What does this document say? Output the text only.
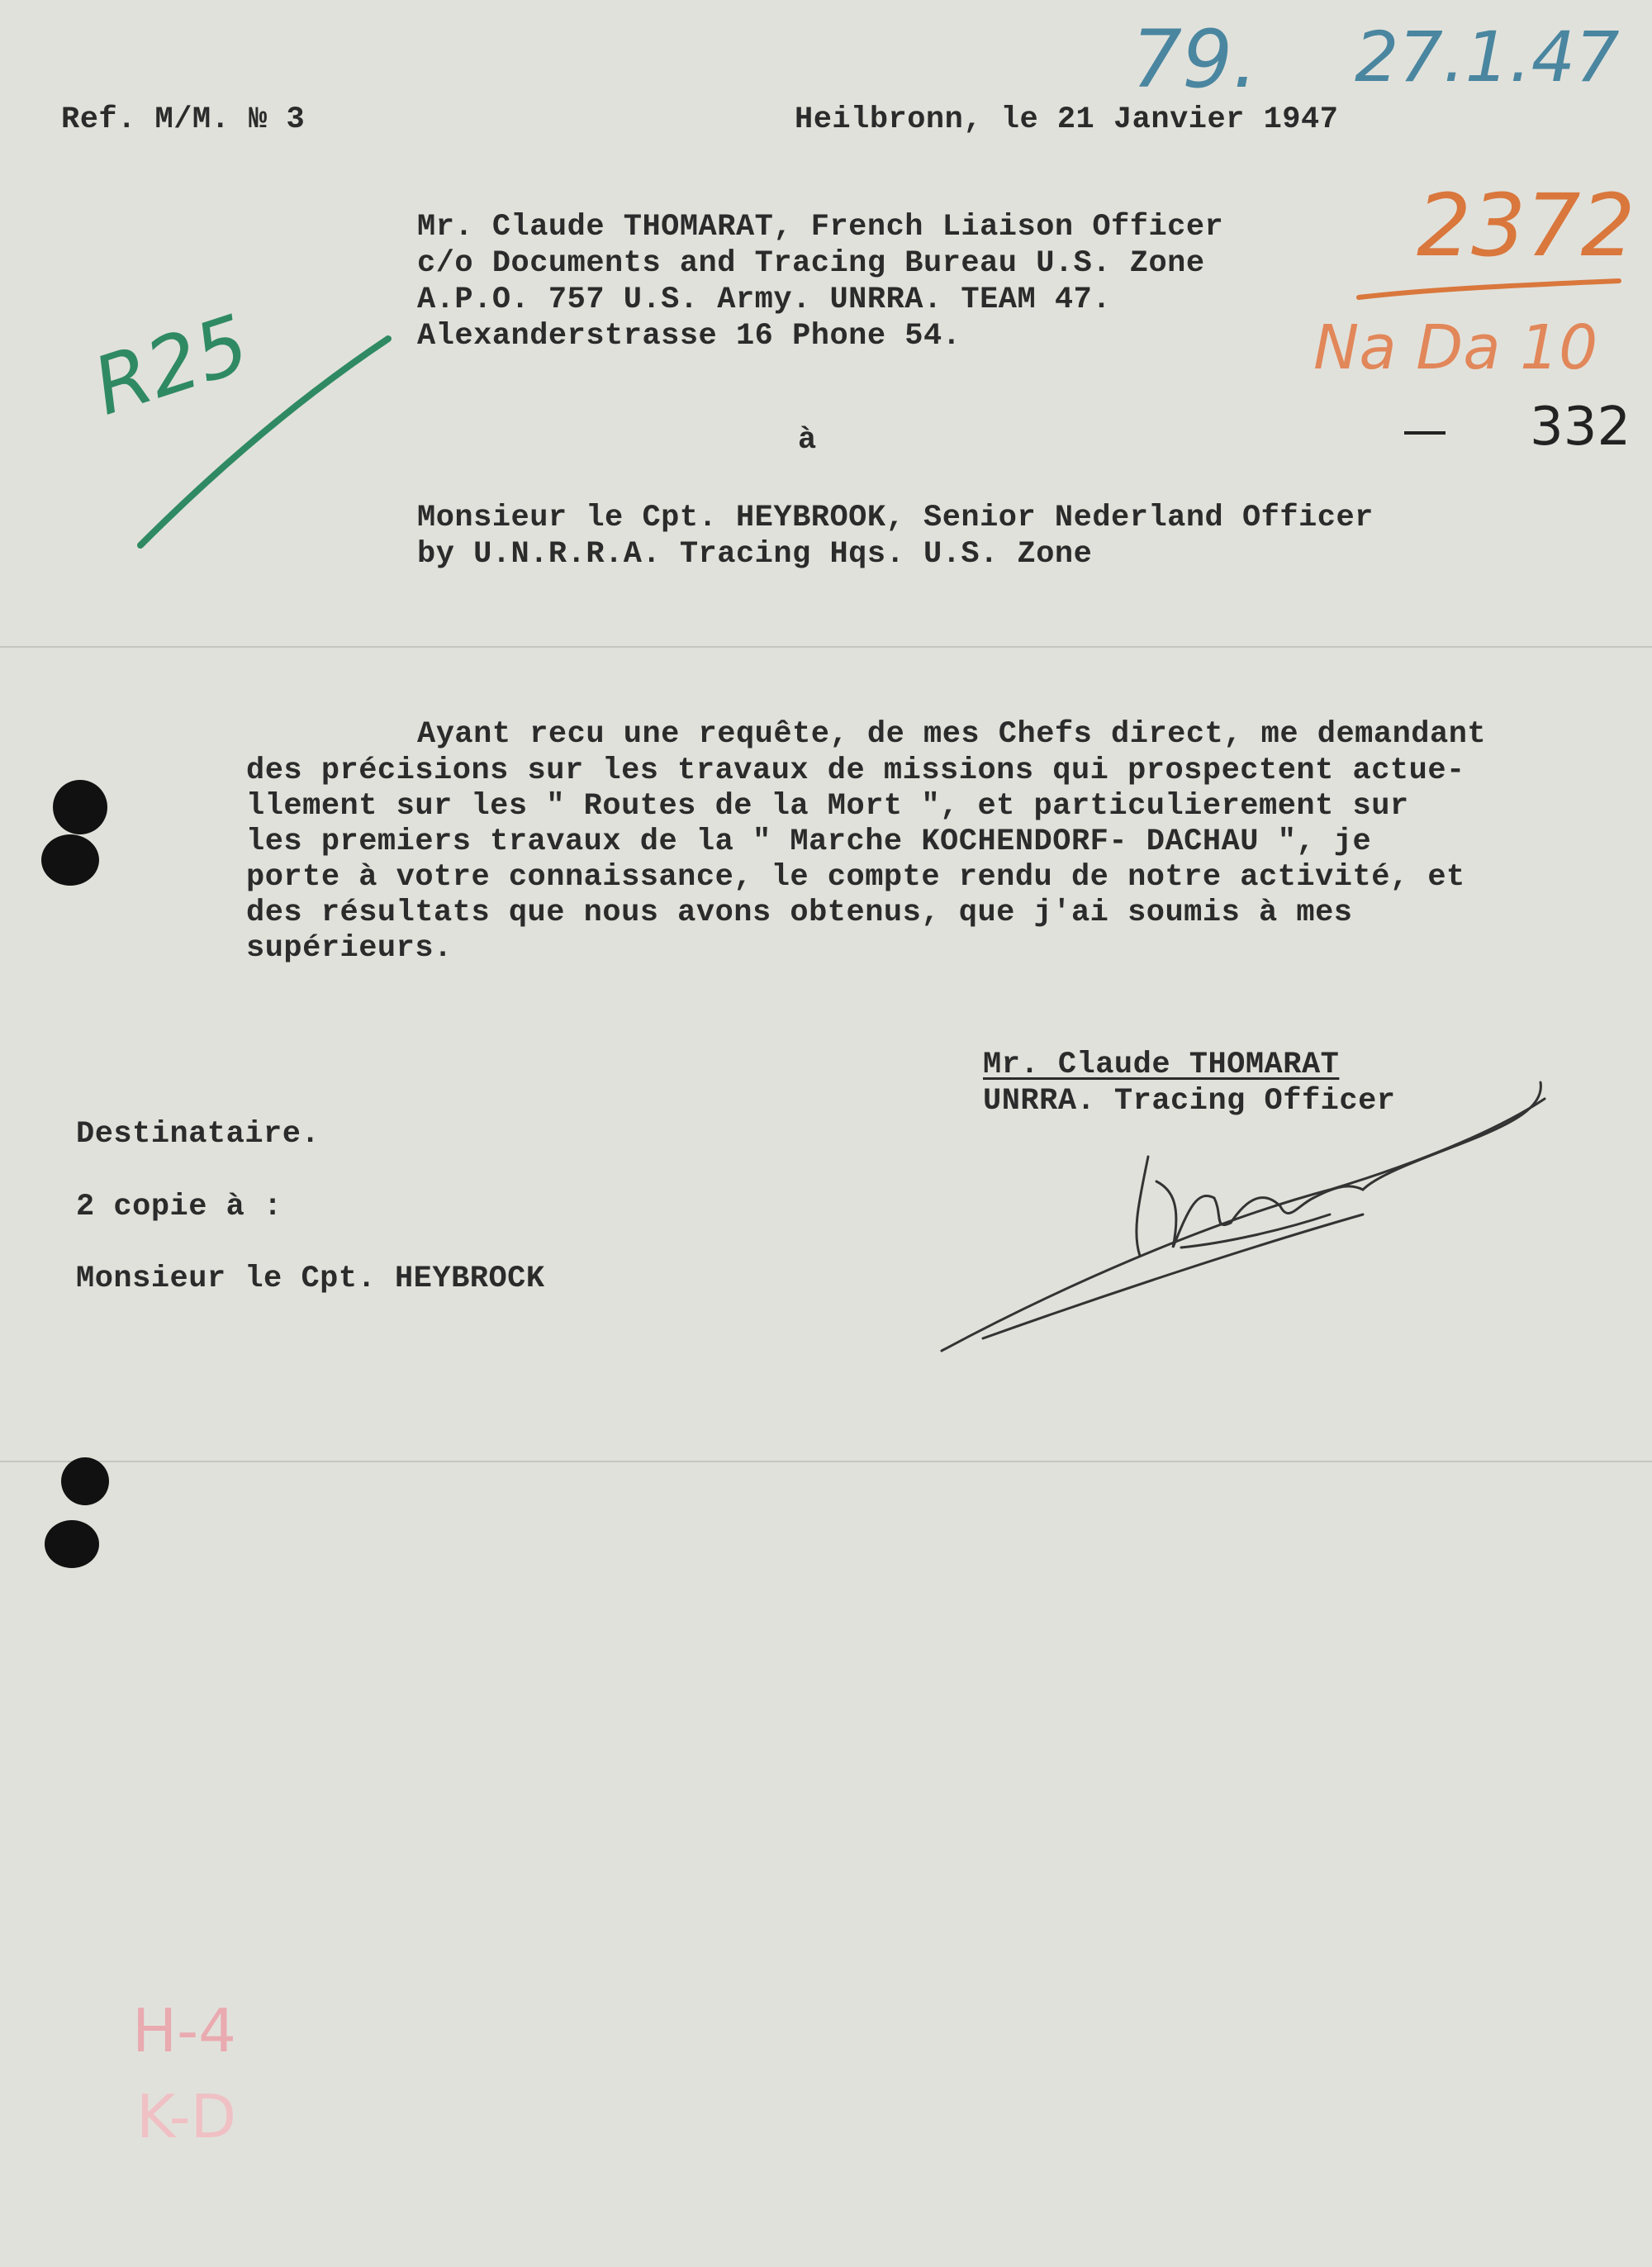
Ref. M/M. № 3	Heilbronn, le 21 Janvier 1947
Mr. Claude THOMARAT, French Liaison Officer
c/o Documents and Tracing Bureau U.S. Zone
A.P.O. 757 U.S. Army. UNRRA. TEAM 47.
Alexanderstrasse 16 Phone 54.
à
Monsieur le Cpt. HEYBROOK, Senior Nederland Officer
by U.N.R.R.A. Tracing Hqs. U.S. Zone
Ayant recu une requête, de mes Chefs direct, me demandant
des précisions sur les travaux de missions qui prospectent actue-
llement sur les " Routes de la Mort ", et particulierement sur
les premiers travaux de la " Marche KOCHENDORF- DACHAU ", je
porte à votre connaissance, le compte rendu de notre activité, et
des résultats que nous avons obtenus, que j'ai soumis à mes
supérieurs.
Mr. Claude THOMARAT
UNRRA. Tracing Officer
Destinataire.
2 copie à :
Monsieur le Cpt. HEYBROCK
79. 27.1.47
2372
Na Da 10
332
R25
H-4
K-D
